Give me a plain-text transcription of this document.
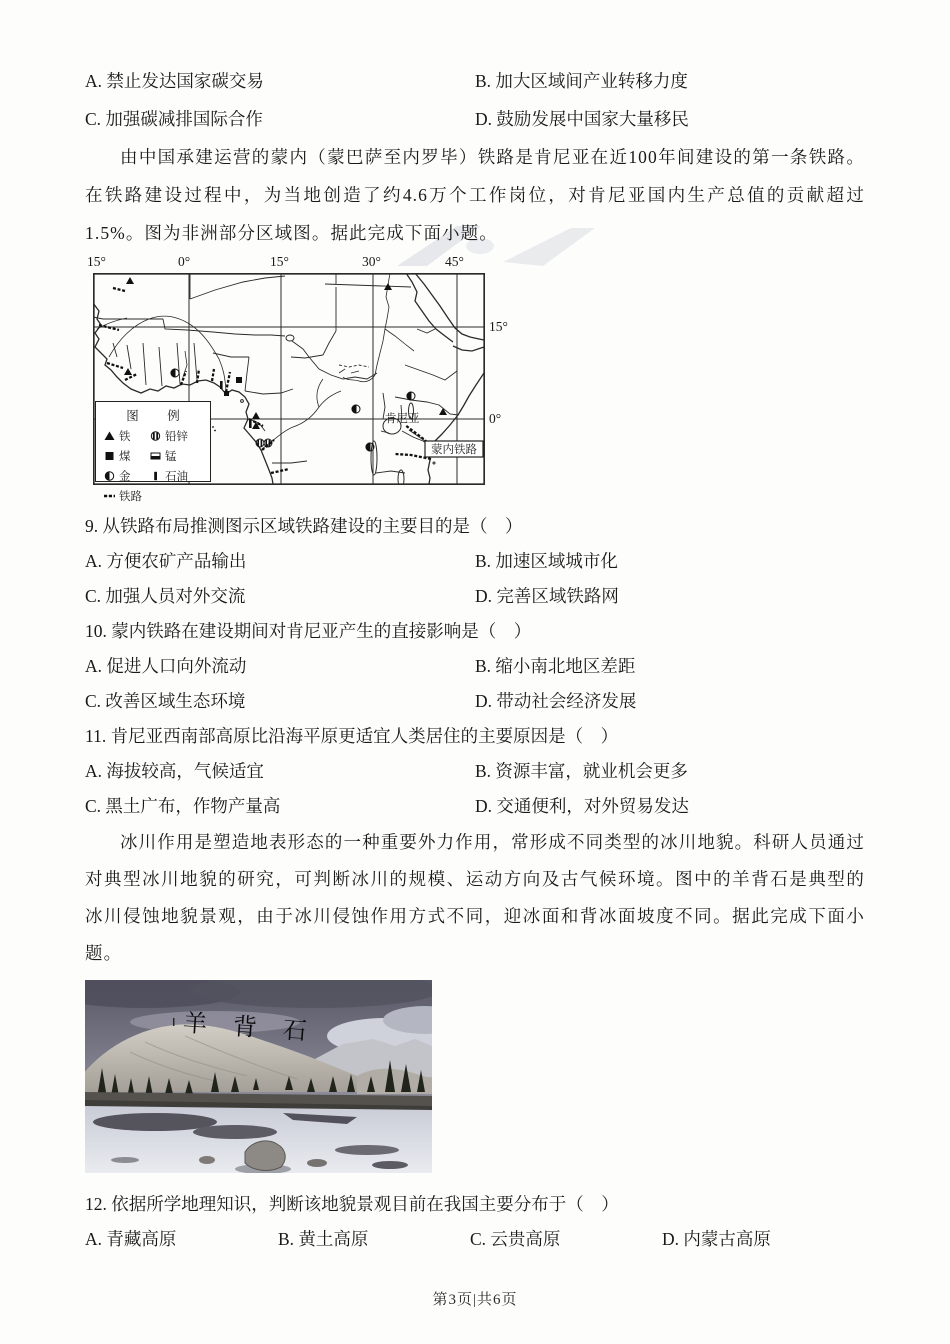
A. 禁止发达国家碳交易	B. 加大区域间产业转移力度
C. 加强碳减排国际合作	D. 鼓励发展中国家大量移民

由中国承建运营的蒙内（蒙巴萨至内罗毕）铁路是肯尼亚在近100年间建设的第一条铁路。在铁路建设过程中，为当地创造了约4.6万个工作岗位，对肯尼亚国内生产总值的贡献超过1.5%。图为非洲部分区域图。据此完成下面小题。

15°	0°	15°	30°	45°
肯尼亚
蒙内铁路
15°
0°
图　例
铁	铅锌
煤	锰
金	石油
铁路

9. 从铁路布局推测图示区域铁路建设的主要目的是（　）

A. 方便农矿产品输出	B. 加速区域城市化
C. 加强人员对外交流	D. 完善区域铁路网

10. 蒙内铁路在建设期间对肯尼亚产生的直接影响是（　）

A. 促进人口向外流动	B. 缩小南北地区差距
C. 改善区域生态环境	D. 带动社会经济发展

11. 肯尼亚西南部高原比沿海平原更适宜人类居住的主要原因是（　）

A. 海拔较高，气候适宜	B. 资源丰富，就业机会更多
C. 黑土广布，作物产量高	D. 交通便利，对外贸易发达

冰川作用是塑造地表形态的一种重要外力作用，常形成不同类型的冰川地貌。科研人员通过对典型冰川地貌的研究，可判断冰川的规模、运动方向及古气候环境。图中的羊背石是典型的冰川侵蚀地貌景观，由于冰川侵蚀作用方式不同，迎冰面和背冰面坡度不同。据此完成下面小题。

羊背石

12. 依据所学地理知识，判断该地貌景观目前在我国主要分布于（　）

A. 青藏高原	B. 黄土高原	C. 云贵高原	D. 内蒙古高原
第3页|共6页
